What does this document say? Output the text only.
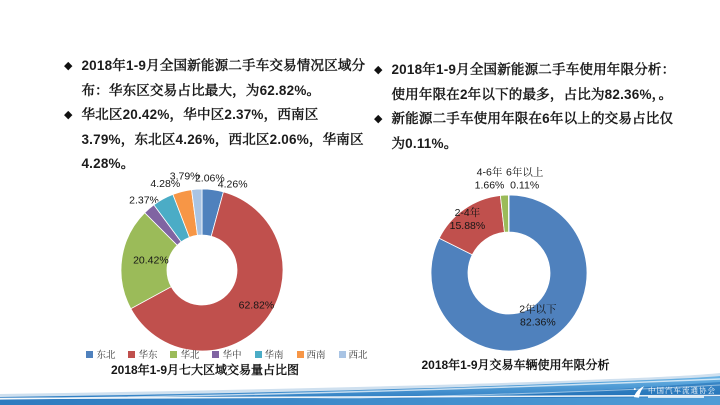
◆ 2018年1-9月全国新能源二手车交易情况区域分布：华东区交易占比最大，为62.82%。
◆ 华北区20.42%，华中区2.37%，西南区3.79%，东北区4.26%，西北区2.06%，华南区4.28%。
◆ 2018年1-9月全国新能源二手车使用年限分析：使用年限在2年以下的最多，占比为82.36%，。
◆ 新能源二手车使用年限在6年以上的交易占比仅为0.11%。
4.26%
62.82%
20.42%
2.37%
4.28%
3.79%
2.06%
东北 华东 华北 华中 华南 西南 西北
2018年1-9月七大区域交易量占比图
2年以下
82.36%
2-4年
15.88%
4-6年
1.66%
6年以上
0.11%
2018年1-9月交易车辆使用年限分析
中国汽车流通协会
